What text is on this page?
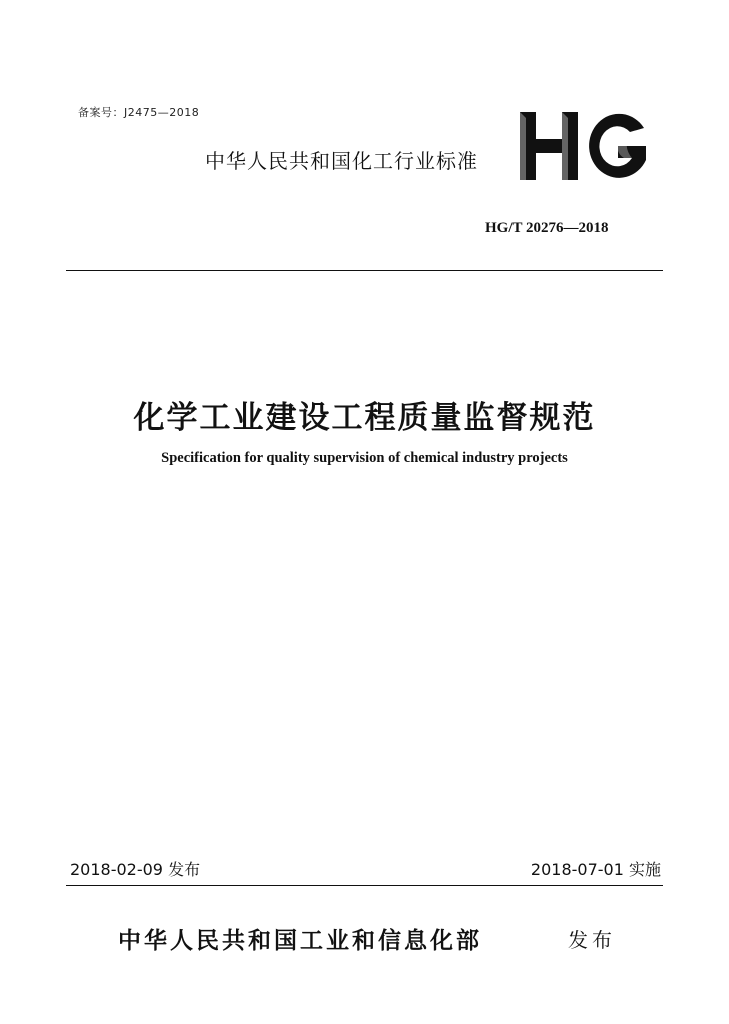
备案号：J2475—2018
中华人民共和国化工行业标准
HG
HG/T 20276—2018
化学工业建设工程质量监督规范
Specification for quality supervision of chemical industry projects
2018-02-09 发布	2018-07-01 实施
中华人民共和国工业和信息化部	发布
